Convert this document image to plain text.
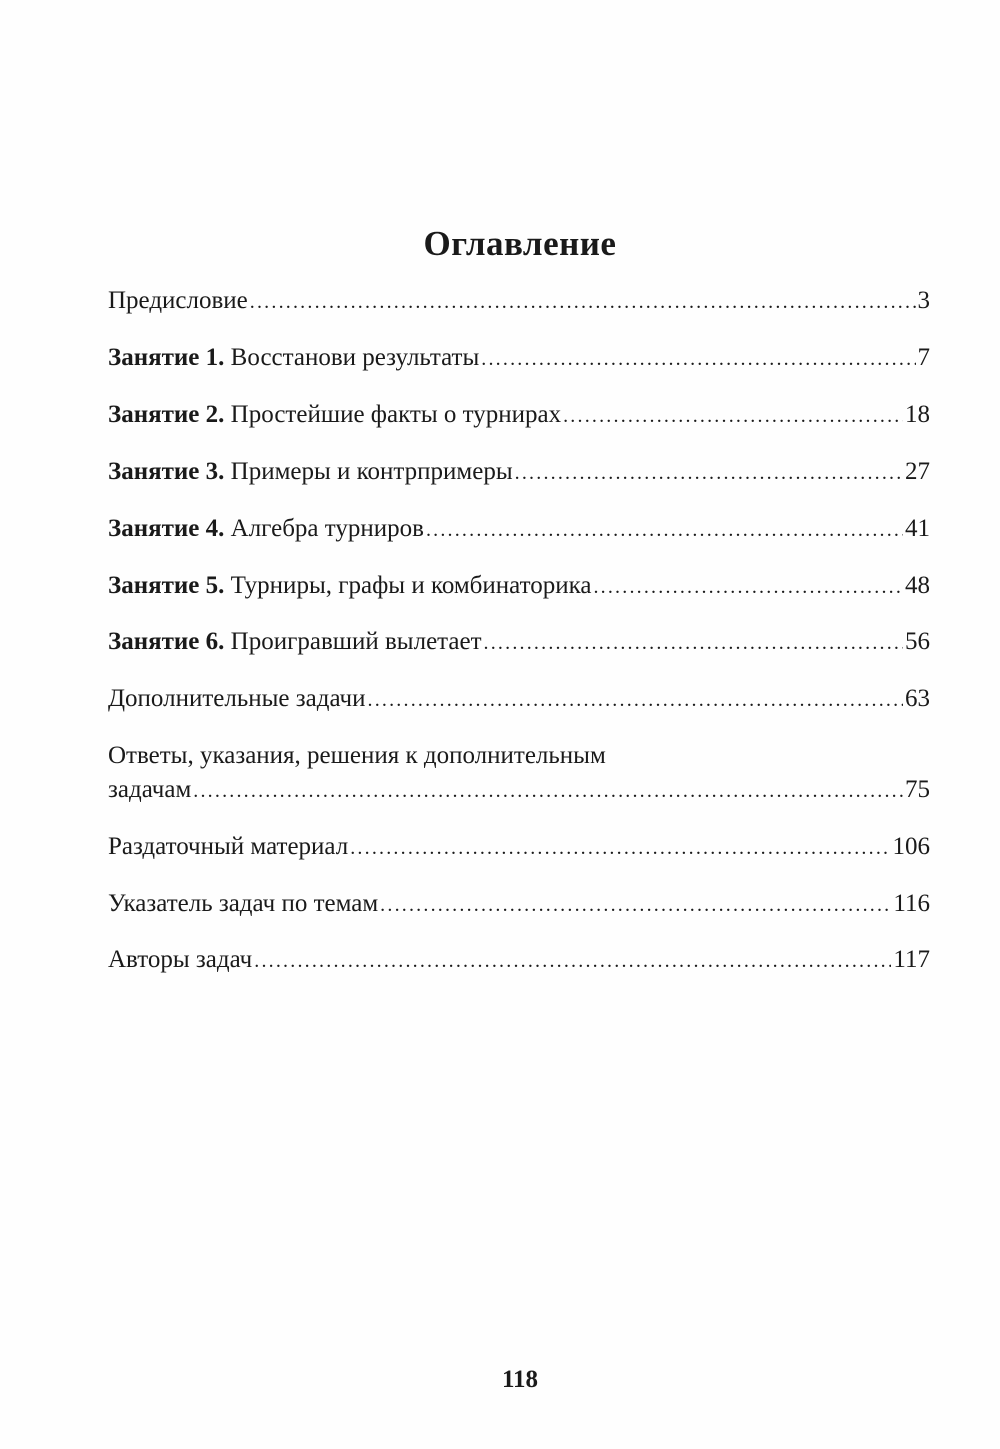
Оглавление
Предисловие .....	3
Занятие 1. Восстанови результаты .....	7
Занятие 2. Простейшие факты о турнирах .....	18
Занятие 3. Примеры и контрпримеры .....	27
Занятие 4. Алгебра турниров .....	41
Занятие 5. Турниры, графы и комбинаторика .....	48
Занятие 6. Проигравший вылетает .....	56
Дополнительные задачи .....	63
Ответы, указания, решения к дополнительным
задачам .....	75
Раздаточный материал .....	106
Указатель задач по темам .....	116
Авторы задач .....	117
118
